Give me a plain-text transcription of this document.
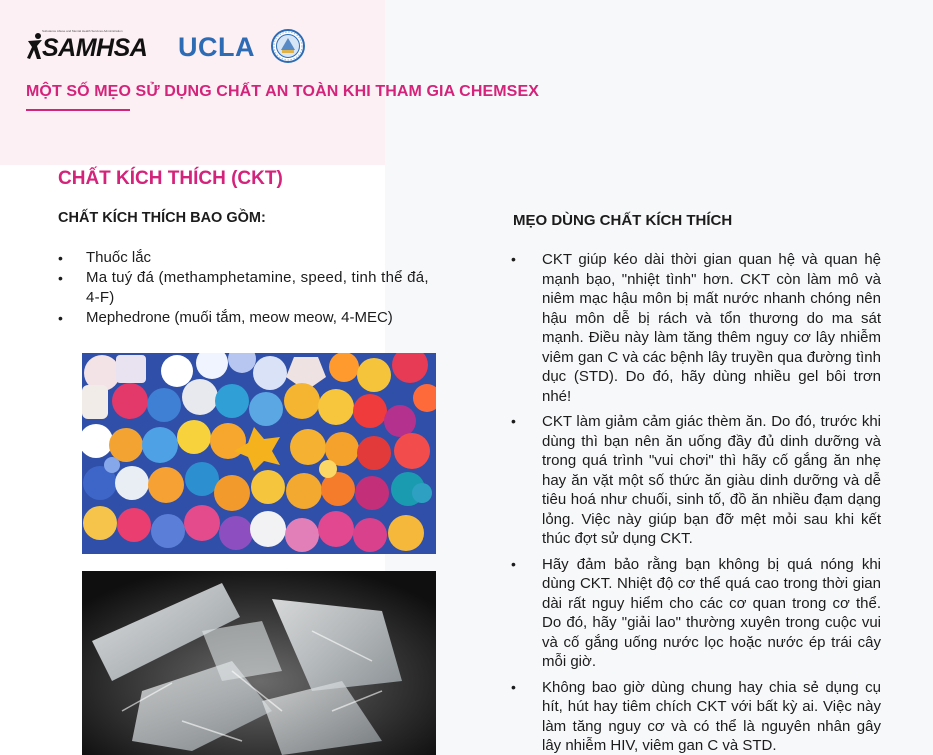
Substance Abuse and Mental Health Services Administration
SAMHSA UCLA
MỘT SỐ MẸO SỬ DỤNG CHẤT AN TOÀN KHI THAM GIA CHEMSEX
CHẤT KÍCH THÍCH (CKT)
CHẤT KÍCH THÍCH BAO GỒM:
• Thuốc lắc
• Ma tuý đá (methamphetamine, speed, tinh thể đá, 4-F)
• Mephedrone (muối tắm, meow meow, 4-MEC)
MẸO DÙNG CHẤT KÍCH THÍCH
• CKT giúp kéo dài thời gian quan hệ và quan hệ mạnh bạo, "nhiệt tình" hơn. CKT còn làm mô và niêm mạc hậu môn bị mất nước nhanh chóng nên hậu môn dễ bị rách và tổn thương do ma sát mạnh. Điều này làm tăng thêm nguy cơ lây nhiễm viêm gan C và các bệnh lây truyền qua đường tình dục (STD). Do đó, hãy dùng nhiều gel bôi trơn nhé!
• CKT làm giảm cảm giác thèm ăn. Do đó, trước khi dùng thì bạn nên ăn uống đầy đủ dinh dưỡng và trong quá trình "vui chơi" thì hãy cố gắng ăn nhẹ hay ăn vặt một số thức ăn giàu dinh dưỡng và dễ tiêu hoá như chuối, sinh tố, đồ ăn nhiều đạm dạng lỏng. Việc này giúp bạn đỡ mệt mỏi sau khi kết thúc đợt sử dụng CKT.
• Hãy đảm bảo rằng bạn không bị quá nóng khi dùng CKT. Nhiệt độ cơ thể quá cao trong thời gian dài rất nguy hiểm cho các cơ quan trong cơ thể. Do đó, hãy "giải lao" thường xuyên trong cuộc vui và cố gắng uống nước lọc hoặc nước ép trái cây mỗi giờ.
• Không bao giờ dùng chung hay chia sẻ dụng cụ hít, hút hay tiêm chích CKT với bất kỳ ai. Việc này làm tăng nguy cơ và có thể là nguyên nhân gây lây nhiễm HIV, viêm gan C và STD.
